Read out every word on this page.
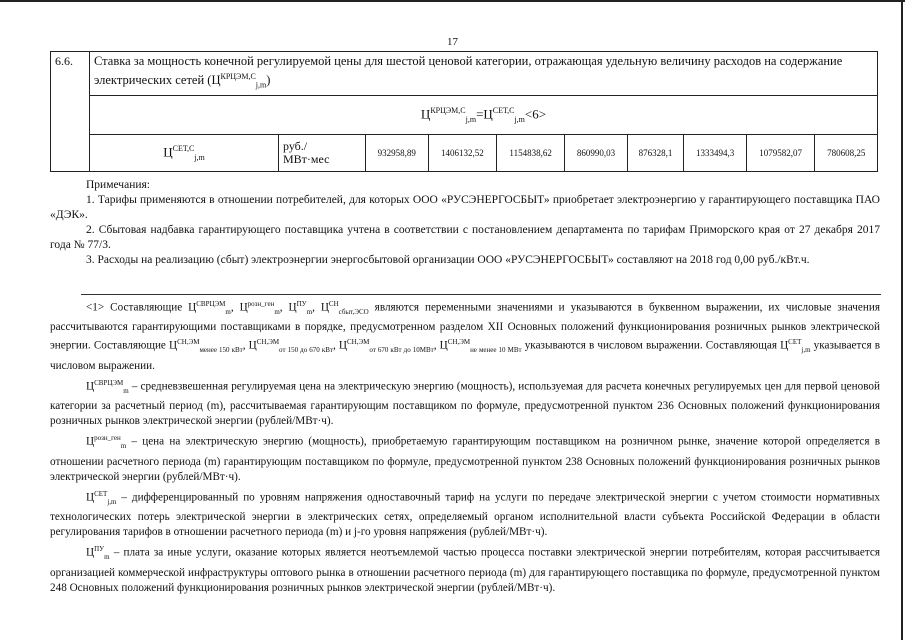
17
6.6.	Ставка за мощность конечной регулируемой цены для шестой ценовой категории, отражающая удельную величину расходов на содержание электрических сетей $(Ц^{КРЦЭМ,С}_{j,m})$									
	$Ц^{КРЦЭМ,С}_{j,m}=Ц^{СЕТ,С}_{j,m}<6>$									
	$Ц^{СЕТ,С}_{j,m}$	руб./
МВт·мес	932958,89	1406132,52	1154838,62	860990,03	876328,1	1333494,3	1079582,07	780608,25

Примечания:

1. Тарифы применяются в отношении потребителей, для которых ООО «РУСЭНЕРГОСБЫТ» приобретает электроэнергию у гарантирующего поставщика ПАО «ДЭК».

2. Сбытовая надбавка гарантирующего поставщика учтена в соответствии с постановлением департамента по тарифам Приморского края от 27 декабря 2017 года № 77/3.

3. Расходы на реализацию (сбыт) электроэнергии энергосбытовой организации ООО «РУСЭНЕРГОСБЫТ» составляют на 2018 год 0,00 руб./кВт.ч.

<1> Составляющие $Ц^{СВРЦЭМ}_m$, $Ц^{розн\_ген}_m$, $Ц^{ПУ}_m$, $Ц^{СН}_{сбыт,ЭСО}$ являются переменными значениями и указываются в буквенном выражении, их числовые значения рассчитываются гарантирующими поставщиками в порядке, предусмотренном разделом XII Основных положений функционирования розничных рынков электрической энергии. Составляющие $Ц^{СН,ЭМ}_{менее 150 кВт}$, $Ц^{СН,ЭМ}_{от 150 до 670 кВт}$, $Ц^{СН,ЭМ}_{от 670 кВт до 10МВт}$, $Ц^{СН,ЭМ}_{не менее 10 МВт}$ указываются в числовом выражении. Составляющая $Ц^{СЕТ}_{j,m}$ указывается в числовом выражении.

$Ц^{СВРЦЭМ}_m$ – средневзвешенная регулируемая цена на электрическую энергию (мощность), используемая для расчета конечных регулируемых цен для первой ценовой категории за расчетный период (m), рассчитываемая гарантирующим поставщиком по формуле, предусмотренной пунктом 236 Основных положений функционирования розничных рынков электрической энергии (рублей/МВт·ч).

$Ц^{розн\_ген}_m$ – цена на электрическую энергию (мощность), приобретаемую гарантирующим поставщиком на розничном рынке, значение которой определяется в отношении расчетного периода (m) гарантирующим поставщиком по формуле, предусмотренной пунктом 238 Основных положений функционирования розничных рынков электрической энергии (рублей/МВт·ч).

$Ц^{СЕТ}_{j,m}$ – дифференцированный по уровням напряжения одноставочный тариф на услуги по передаче электрической энергии с учетом стоимости нормативных технологических потерь электрической энергии в электрических сетях, определяемый органом исполнительной власти субъекта Российской Федерации в области регулирования тарифов в отношении расчетного периода (m) и j-го уровня напряжения (рублей/МВт·ч).

$Ц^{ПУ}_m$ – плата за иные услуги, оказание которых является неотъемлемой частью процесса поставки электрической энергии потребителям, которая рассчитывается организацией коммерческой инфраструктуры оптового рынка в отношении расчетного периода (m) для гарантирующего поставщика по формуле, предусмотренной пунктом 248 Основных положений функционирования розничных рынков электрической энергии (рублей/МВт·ч).
